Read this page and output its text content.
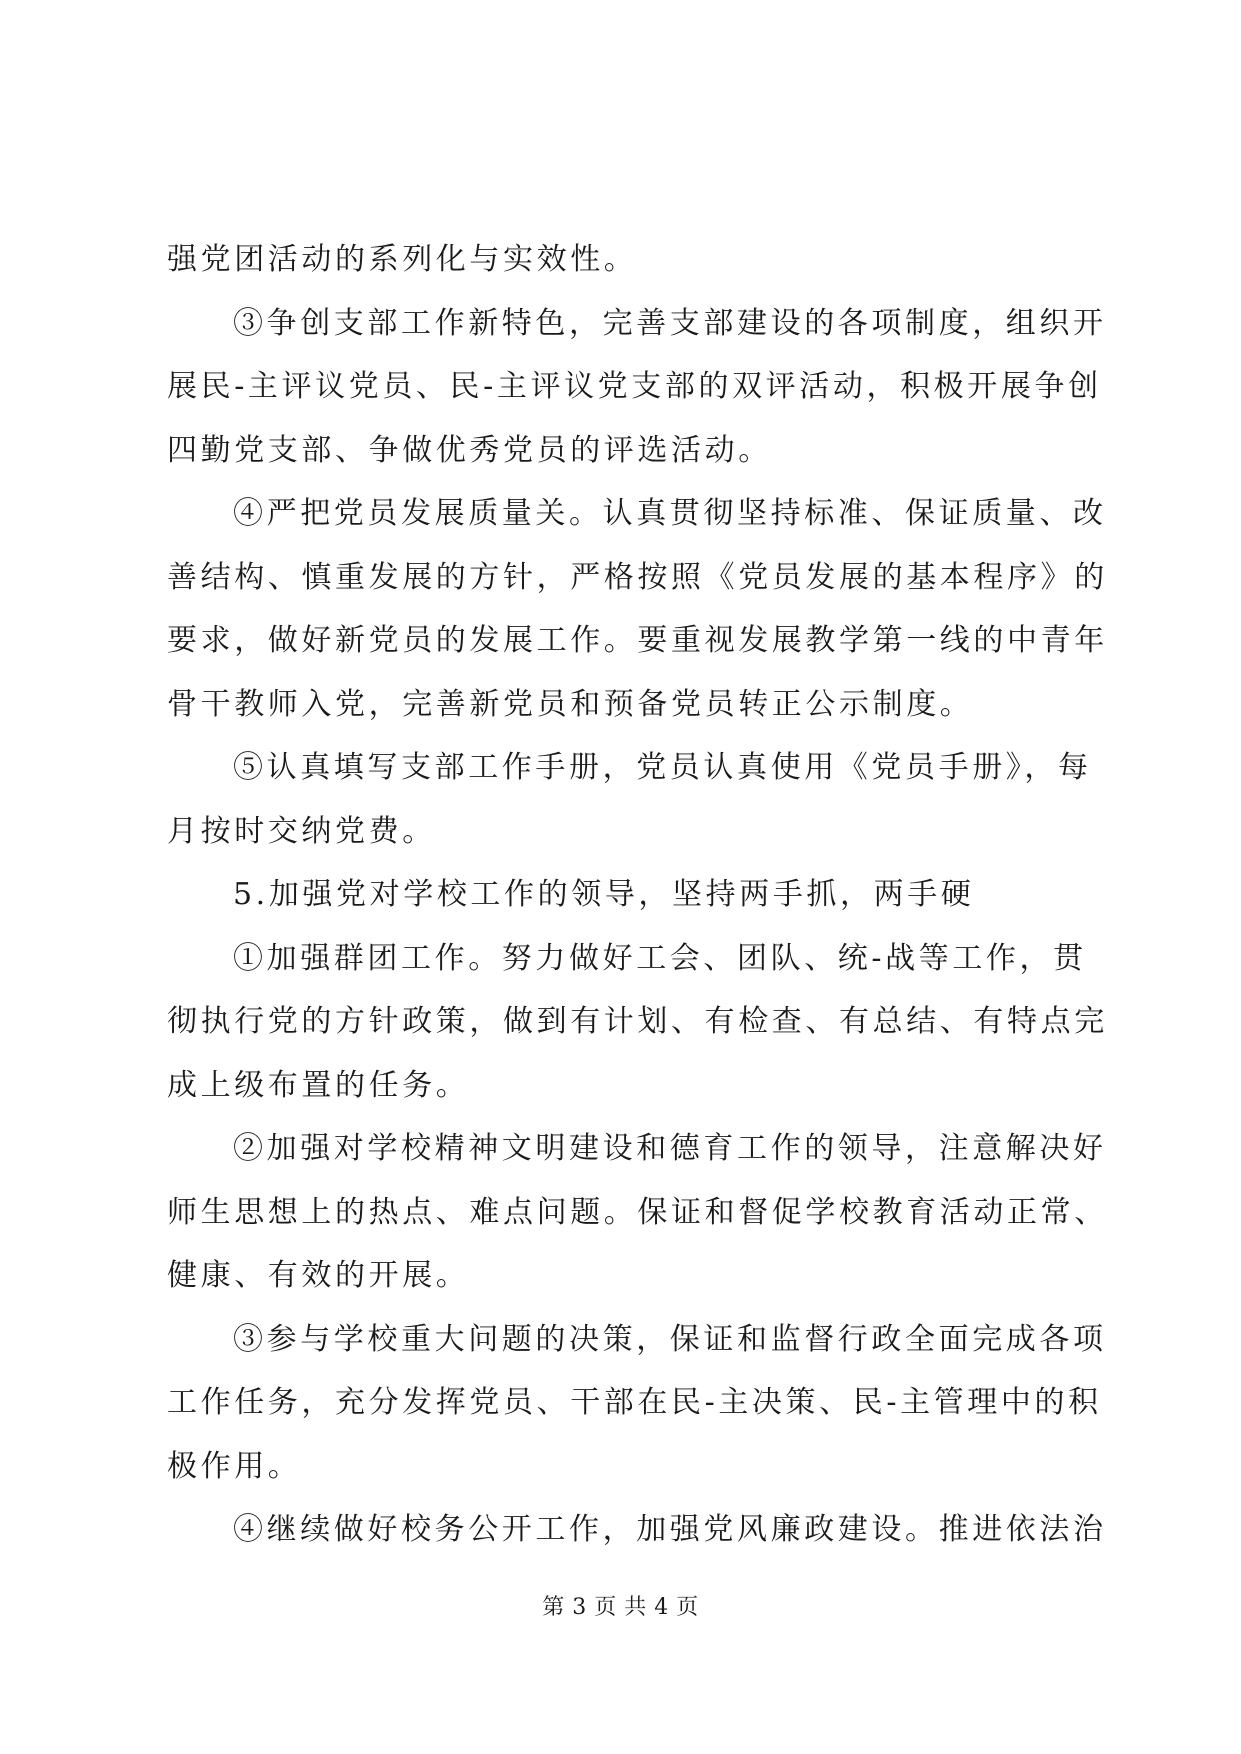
强党团活动的系列化与实效性。
③争创支部工作新特色，完善支部建设的各项制度，组织开
展民-主评议党员、民-主评议党支部的双评活动，积极开展争创
四勤党支部、争做优秀党员的评选活动。
④严把党员发展质量关。认真贯彻坚持标准、保证质量、改
善结构、慎重发展的方针，严格按照《党员发展的基本程序》的
要求，做好新党员的发展工作。要重视发展教学第一线的中青年
骨干教师入党，完善新党员和预备党员转正公示制度。
⑤认真填写支部工作手册，党员认真使用《党员手册》，每
月按时交纳党费。
5.加强党对学校工作的领导，坚持两手抓，两手硬
①加强群团工作。努力做好工会、团队、统-战等工作，贯
彻执行党的方针政策，做到有计划、有检查、有总结、有特点完
成上级布置的任务。
②加强对学校精神文明建设和德育工作的领导，注意解决好
师生思想上的热点、难点问题。保证和督促学校教育活动正常、
健康、有效的开展。
③参与学校重大问题的决策，保证和监督行政全面完成各项
工作任务，充分发挥党员、干部在民-主决策、民-主管理中的积
极作用。
④继续做好校务公开工作，加强党风廉政建设。推进依法治
第 3 页 共 4 页
